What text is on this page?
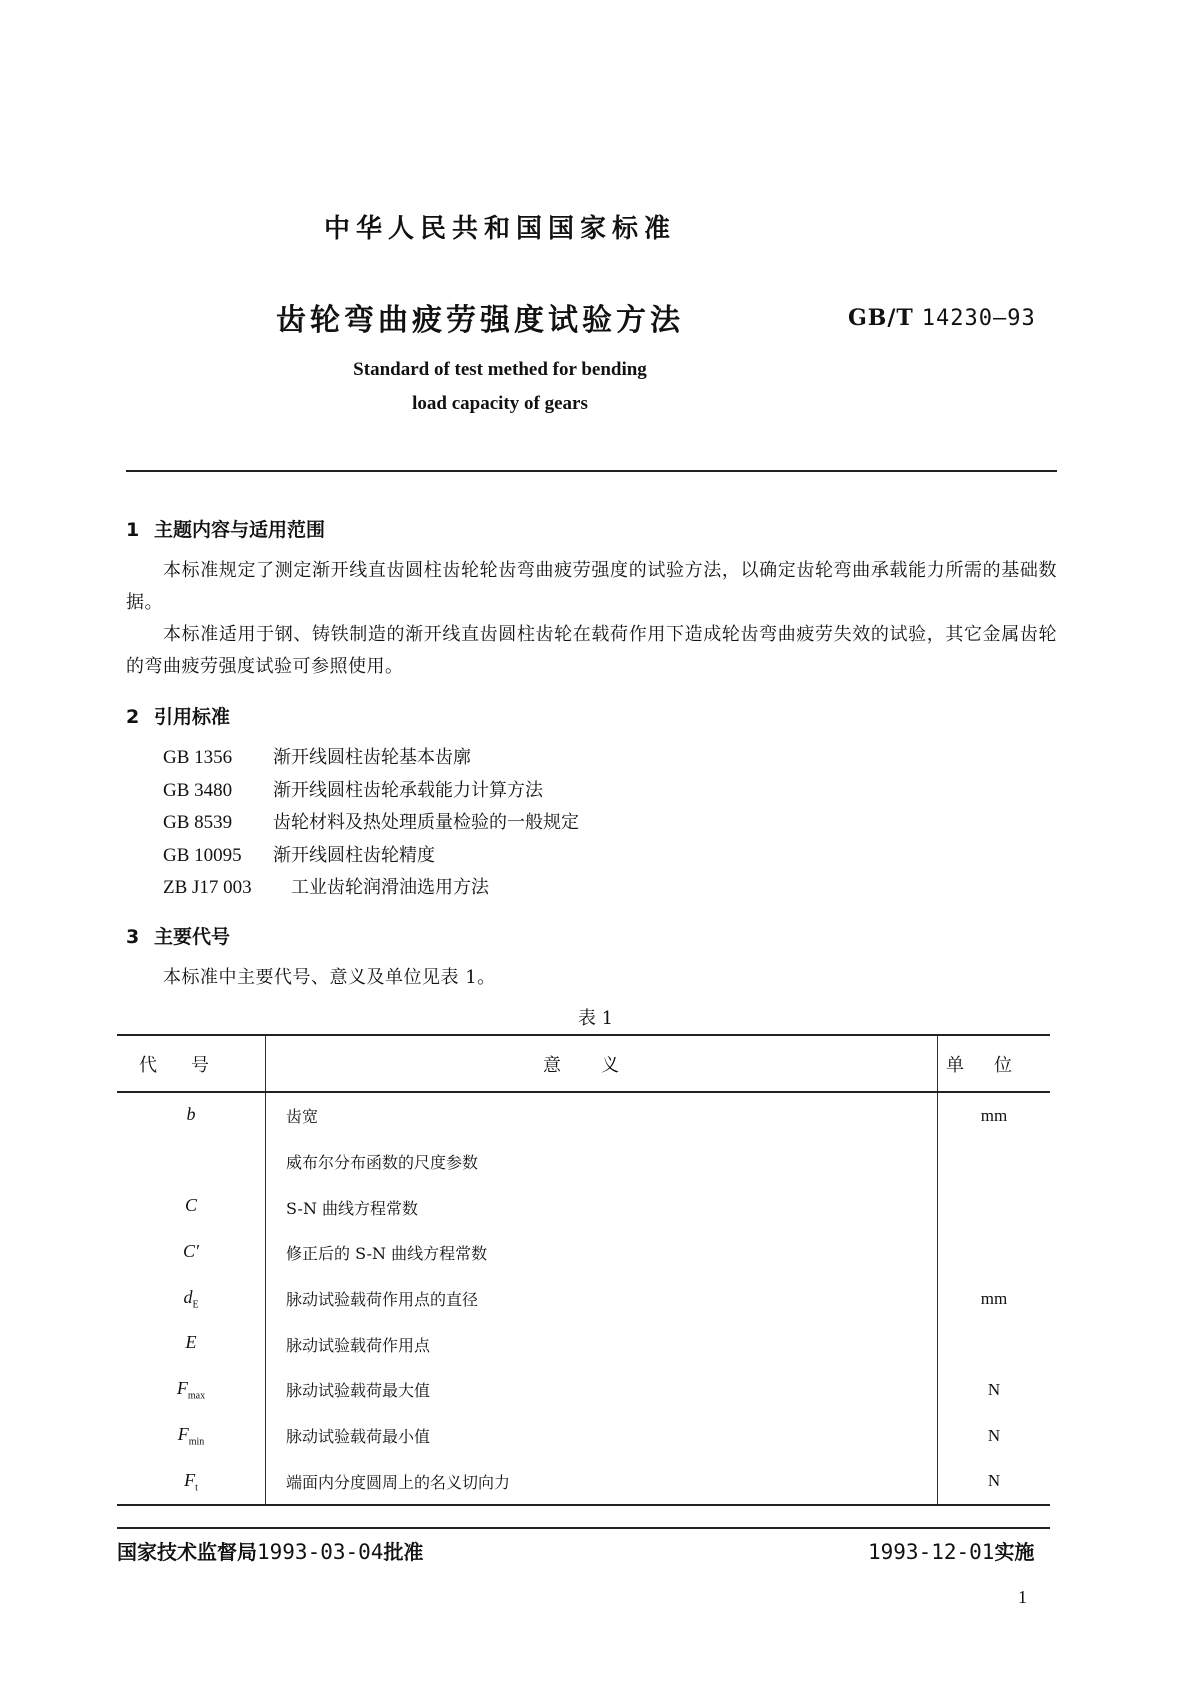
中华人民共和国国家标准
齿轮弯曲疲劳强度试验方法	GB/T 14230—93
Standard of test methed for bending
load capacity of gears
1 主题内容与适用范围
本标准规定了测定渐开线直齿圆柱齿轮轮齿弯曲疲劳强度的试验方法，以确定齿轮弯曲承载能力所需的基础数据。
本标准适用于钢、铸铁制造的渐开线直齿圆柱齿轮在载荷作用下造成轮齿弯曲疲劳失效的试验，其它金属齿轮的弯曲疲劳强度试验可参照使用。
2 引用标准
GB 1356 渐开线圆柱齿轮基本齿廓
GB 3480 渐开线圆柱齿轮承载能力计算方法
GB 8539 齿轮材料及热处理质量检验的一般规定
GB 10095 渐开线圆柱齿轮精度
ZB J17 003 工业齿轮润滑油选用方法
3 主要代号
本标准中主要代号、意义及单位见表 1。
表 1
代号	意义	单位
b	齿宽	mm
	威布尔分布函数的尺度参数	
C	S-N 曲线方程常数	
C′	修正后的 S-N 曲线方程常数	
$d_E$	脉动试验载荷作用点的直径	mm
E	脉动试验载荷作用点	
$F_{max}$	脉动试验载荷最大值	N
$F_{min}$	脉动试验载荷最小值	N
$F_t$	端面内分度圆周上的名义切向力	N
国家技术监督局1993-03-04批准	1993-12-01实施
1
